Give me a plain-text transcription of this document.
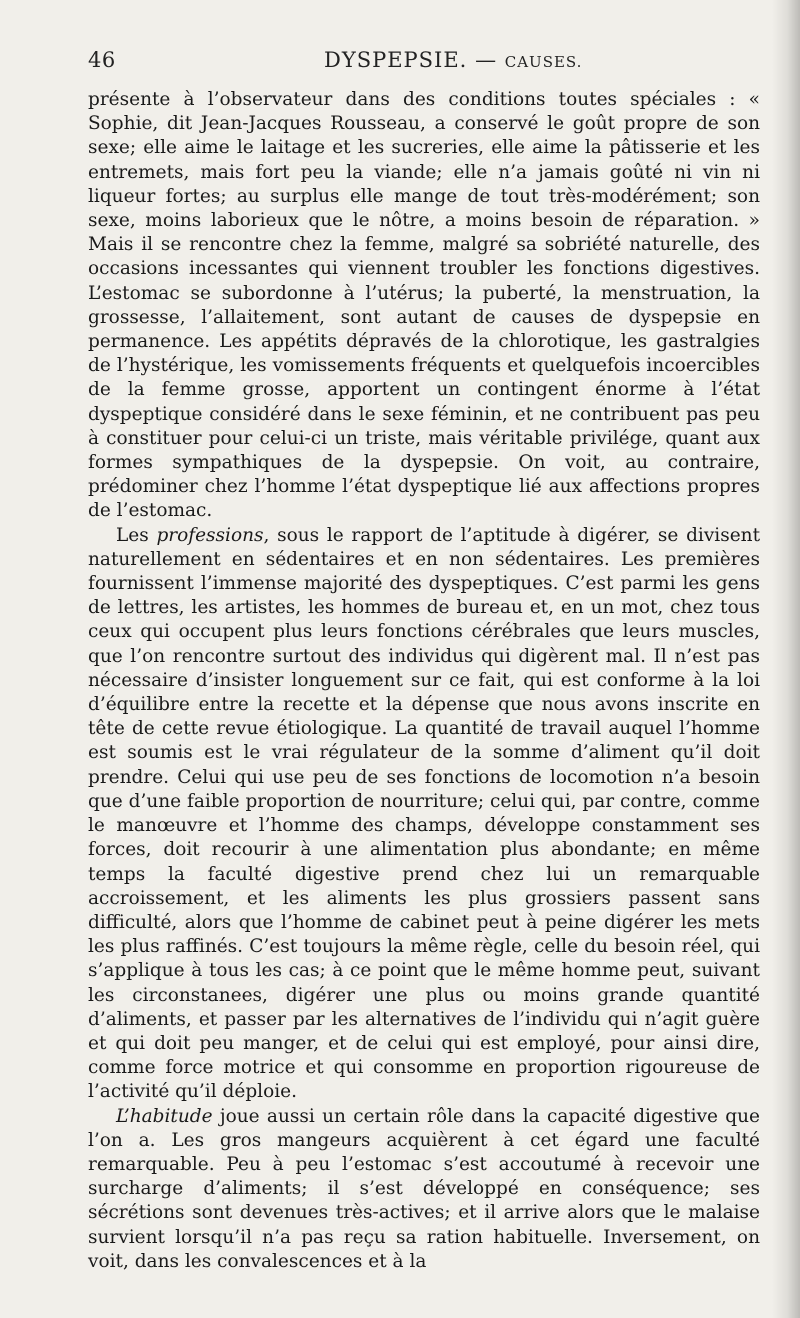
46	DYSPEPSIE. — CAUSES.

présente à l’observateur dans des conditions toutes spéciales : « Sophie, dit Jean-Jacques Rousseau, a conservé le goût propre de son sexe; elle aime le laitage et les sucreries, elle aime la pâtisserie et les entremets, mais fort peu la viande; elle n’a jamais goûté ni vin ni liqueur fortes; au surplus elle mange de tout très-modérément; son sexe, moins laborieux que le nôtre, a moins besoin de réparation. » Mais il se rencontre chez la femme, malgré sa sobriété naturelle, des occasions incessantes qui viennent troubler les fonctions digestives. L’estomac se subordonne à l’utérus; la puberté, la menstruation, la grossesse, l’allaitement, sont autant de causes de dyspepsie en permanence. Les appétits dépravés de la chlorotique, les gastralgies de l’hystérique, les vomissements fréquents et quelquefois incoercibles de la femme grosse, apportent un contingent énorme à l’état dyspeptique considéré dans le sexe féminin, et ne contribuent pas peu à constituer pour celui-ci un triste, mais véritable privilége, quant aux formes sympathiques de la dyspepsie. On voit, au contraire, prédominer chez l’homme l’état dyspeptique lié aux affections propres de l’estomac.

Les professions, sous le rapport de l’aptitude à digérer, se divisent naturellement en sédentaires et en non sédentaires. Les premières fournissent l’immense majorité des dyspeptiques. C’est parmi les gens de lettres, les artistes, les hommes de bureau et, en un mot, chez tous ceux qui occupent plus leurs fonctions cérébrales que leurs muscles, que l’on rencontre surtout des individus qui digèrent mal. Il n’est pas nécessaire d’insister longuement sur ce fait, qui est conforme à la loi d’équilibre entre la recette et la dépense que nous avons inscrite en tête de cette revue étiologique. La quantité de travail auquel l’homme est soumis est le vrai régulateur de la somme d’aliment qu’il doit prendre. Celui qui use peu de ses fonctions de locomotion n’a besoin que d’une faible proportion de nourriture; celui qui, par contre, comme le manœuvre et l’homme des champs, développe constamment ses forces, doit recourir à une alimentation plus abondante; en même temps la faculté digestive prend chez lui un remarquable accroissement, et les aliments les plus grossiers passent sans difficulté, alors que l’homme de cabinet peut à peine digérer les mets les plus raffinés. C’est toujours la même règle, celle du besoin réel, qui s’applique à tous les cas; à ce point que le même homme peut, suivant les circonstanees, digérer une plus ou moins grande quantité d’aliments, et passer par les alternatives de l’individu qui n’agit guère et qui doit peu manger, et de celui qui est employé, pour ainsi dire, comme force motrice et qui consomme en proportion rigoureuse de l’activité qu’il déploie.

L’habitude joue aussi un certain rôle dans la capacité digestive que l’on a. Les gros mangeurs acquièrent à cet égard une faculté remarquable. Peu à peu l’estomac s’est accoutumé à recevoir une surcharge d’aliments; il s’est développé en conséquence; ses sécrétions sont devenues très-actives; et il arrive alors que le malaise survient lorsqu’il n’a pas reçu sa ration habituelle. Inversement, on voit, dans les convalescences et à la
